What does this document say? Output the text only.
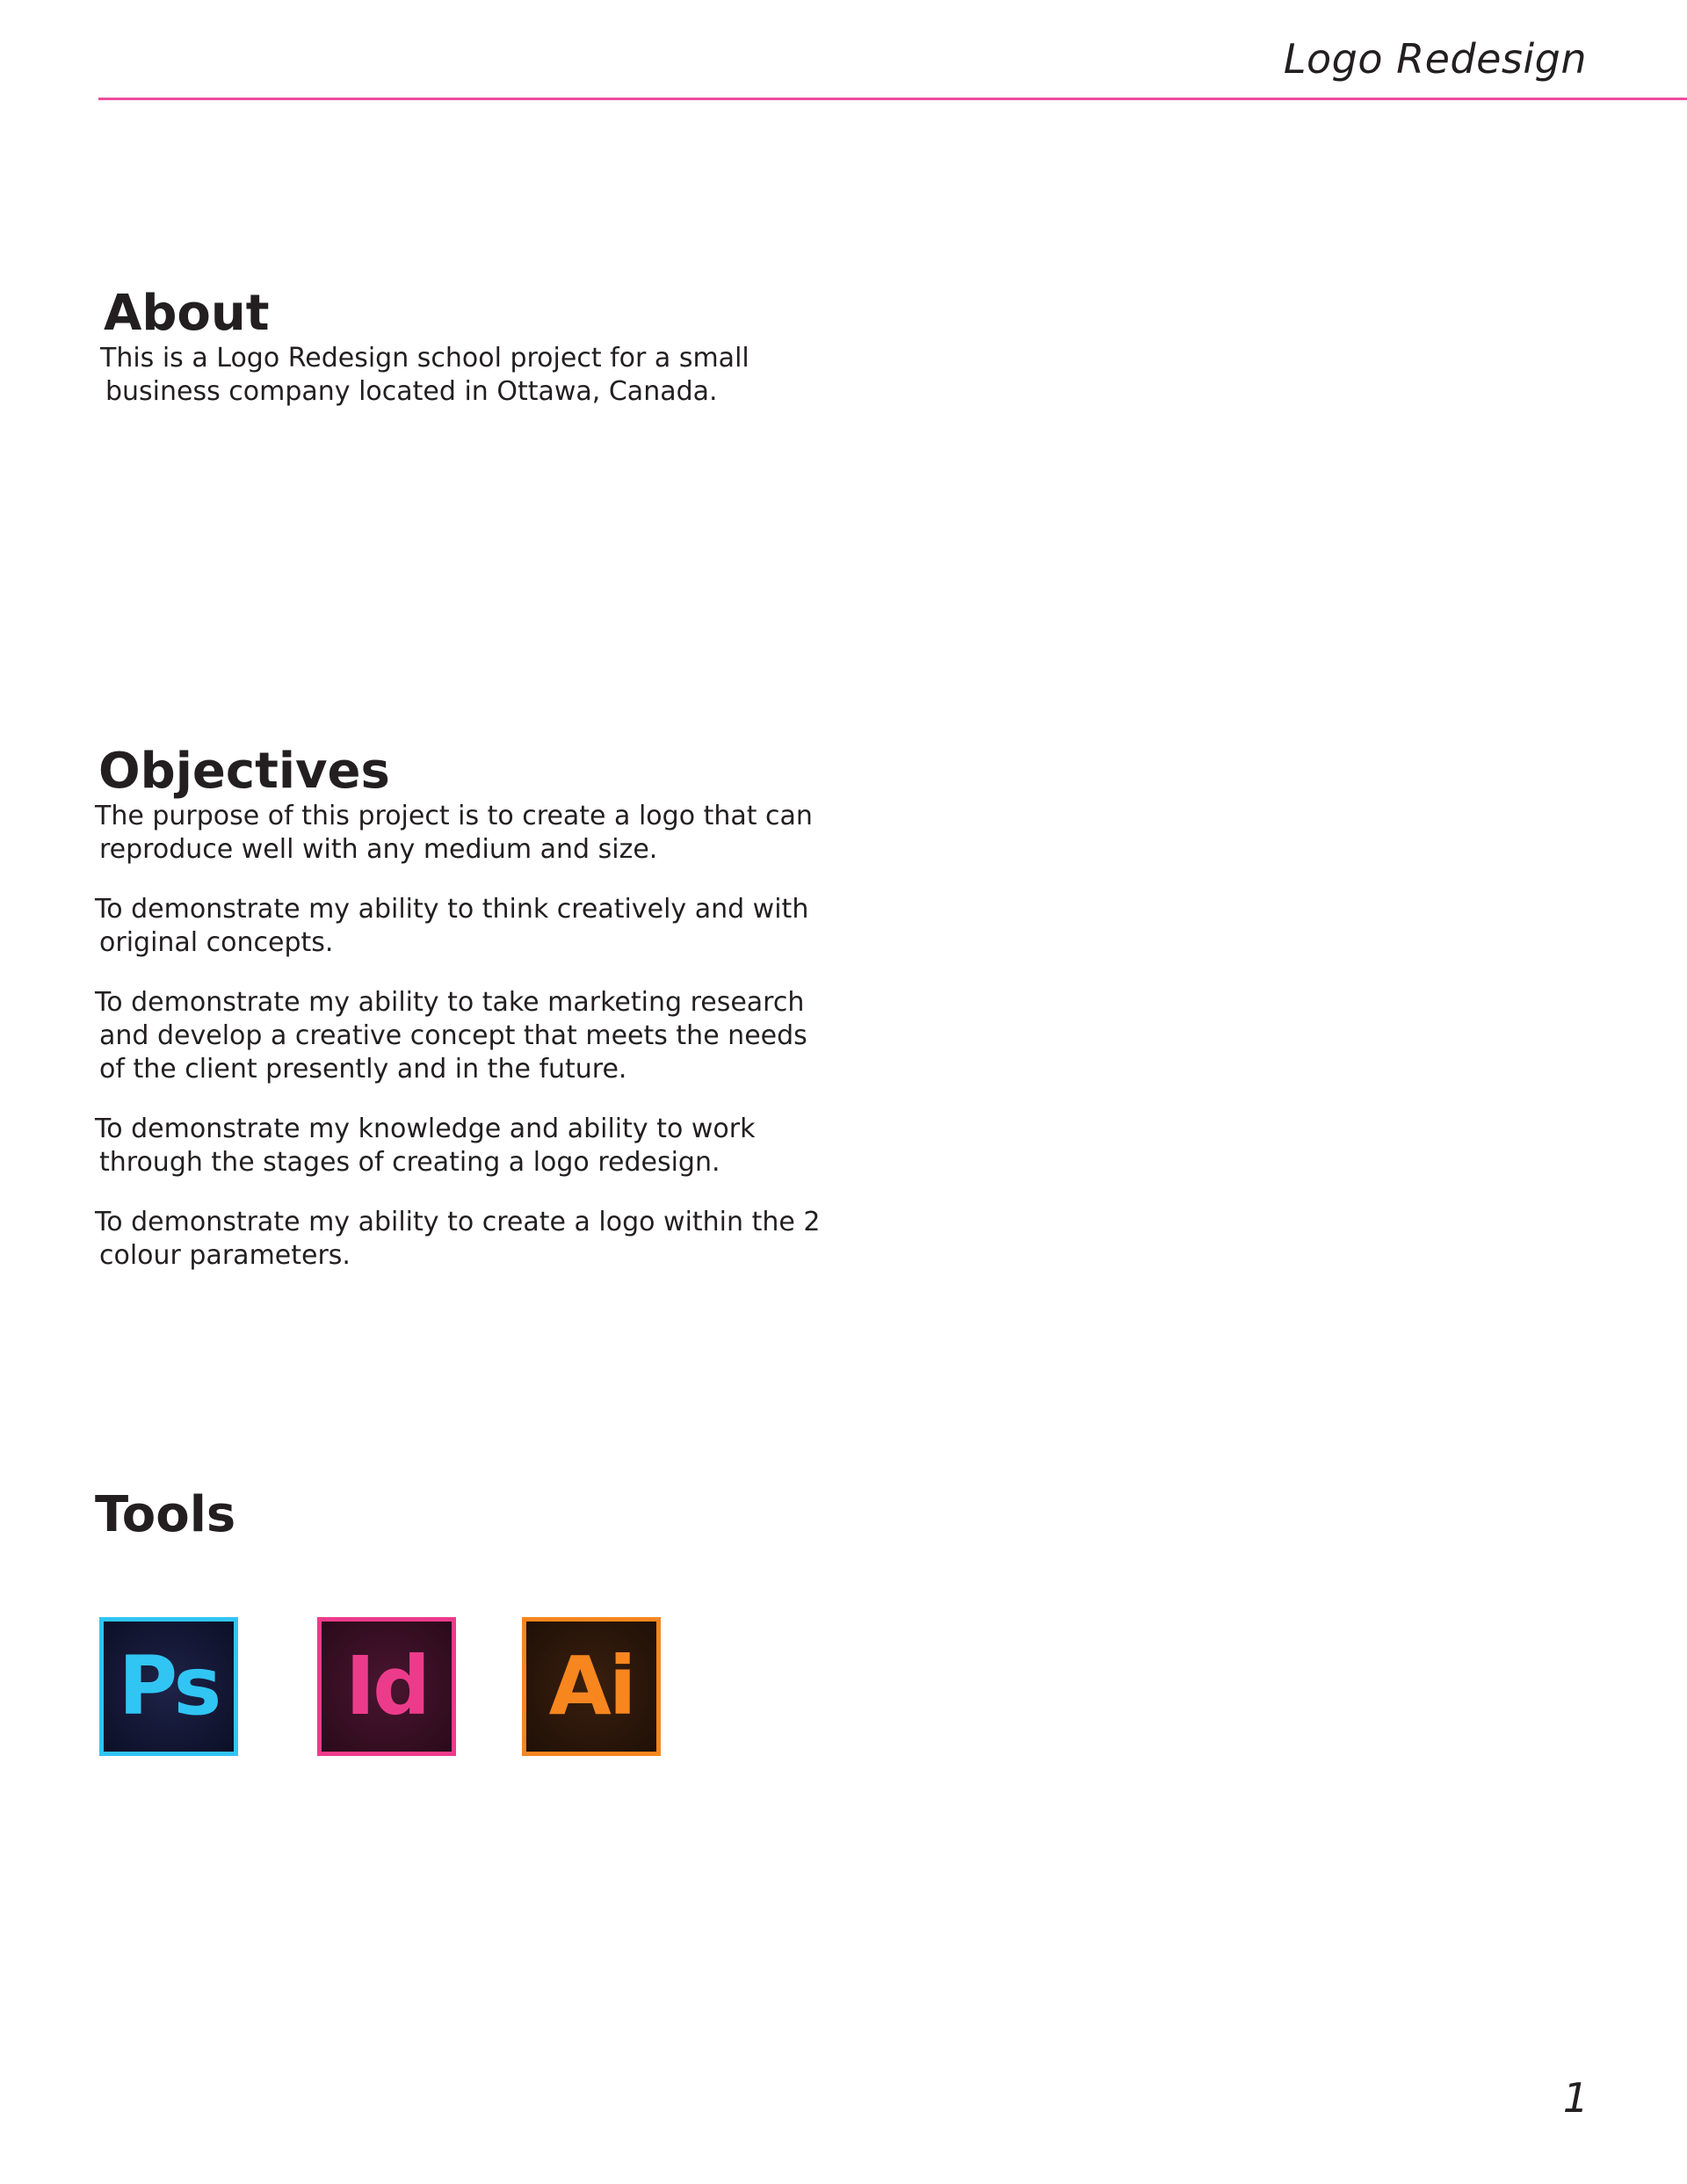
Logo Redesign
About

This is a Logo Redesign school project for a small

business company located in Ottawa, Canada.

Objectives

The purpose of this project is to create a logo that can

reproduce well with any medium and size.

To demonstrate my ability to think creatively and with

original concepts.

To demonstrate my ability to take marketing research

and develop a creative concept that meets the needs

of the client presently and in the future.

To demonstrate my knowledge and ability to work

through the stages of creating a logo redesign.

To demonstrate my ability to create a logo within the 2

colour parameters.

Tools
Ps Id Ai
1
